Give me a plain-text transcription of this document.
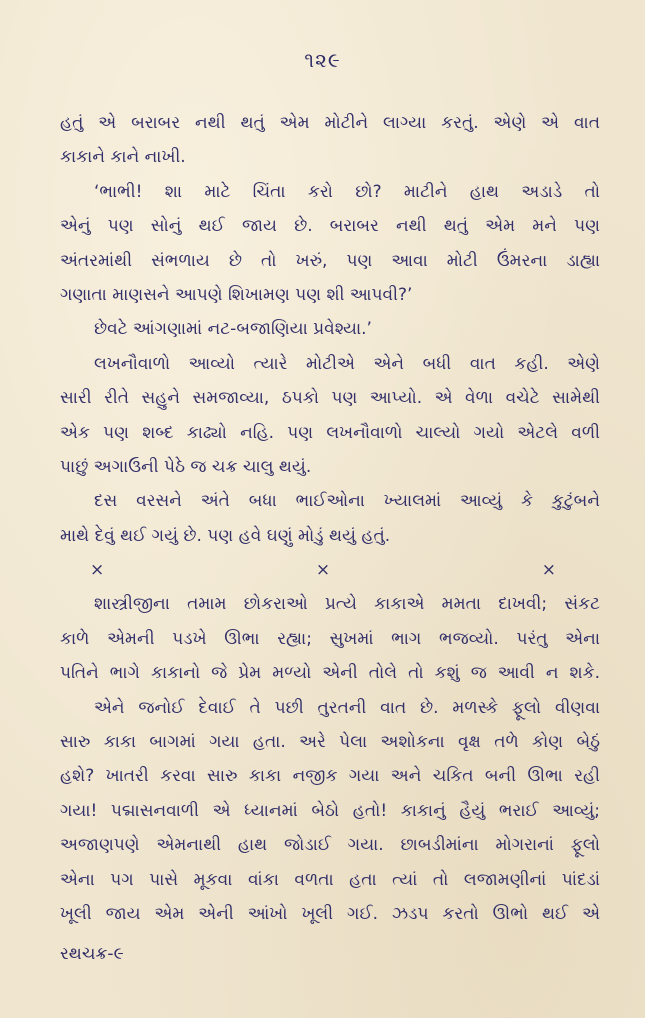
૧૨૯
હતું એ બરાબર નથી થતું એમ મોટીને લાગ્યા કરતું. એણે એ વાત
કાકાને કાને નાખી.
‘ભાભી! શા માટે ચિંતા કરો છો? માટીને હાથ અડાડે તો
એનું પણ સોનું થઈ જાય છે. બરાબર નથી થતું એમ મને પણ
અંતરમાંથી સંભળાય છે તો ખરું, પણ આવા મોટી ઉંમરના ડાહ્યા
ગણાતા માણસને આપણે શિખામણ પણ શી આપવી?’
છેવટે આંગણામાં નટ-બજાણિયા પ્રવેશ્યા.’
લખનૌવાળો આવ્યો ત્યારે મોટીએ એને બધી વાત કહી. એણે
સારી રીતે સહુને સમજાવ્યા, ઠપકો પણ આપ્યો. એ વેળા વચેટે સામેથી
એક પણ શબ્દ કાઢ્યો નહિ. પણ લખનૌવાળો ચાલ્યો ગયો એટલે વળી
પાછું અગાઉની પેઠે જ ચક્ર ચાલુ થયું.
દસ વરસને અંતે બધા ભાઈઓના ખ્યાલમાં આવ્યું કે કુટુંબને
માથે દેવું થઈ ગયું છે. પણ હવે ઘણું મોડું થયું હતું.
×	×	×
શાસ્ત્રીજીના તમામ છોકરાઓ પ્રત્યે કાકાએ મમતા દાખવી; સંકટ
કાળે એમની પડખે ઊભા રહ્યા; સુખમાં ભાગ ભજવ્યો. પરંતુ એના
પતિને ભાગે કાકાનો જે પ્રેમ મળ્યો એની તોલે તો કશું જ આવી ન શકે.
એને જનોઈ દેવાઈ તે પછી તુરતની વાત છે. મળસ્કે ફૂલો વીણવા
સારુ કાકા બાગમાં ગયા હતા. અરે પેલા અશોકના વૃક્ષ તળે કોણ બેઠું
હશે? ખાતરી કરવા સારુ કાકા નજીક ગયા અને ચકિત બની ઊભા રહી
ગયા! પદ્માસનવાળી એ ધ્યાનમાં બેઠો હતો! કાકાનું હૈયું ભરાઈ આવ્યું;
અજાણપણે એમનાથી હાથ જોડાઈ ગયા. છાબડીમાંના મોગરાનાં ફૂલો
એના પગ પાસે મૂકવા વાંકા વળતા હતા ત્યાં તો લજામણીનાં પાંદડાં
ખૂલી જાય એમ એની આંખો ખૂલી ગઈ. ઝડપ કરતો ઊભો થઈ એ
રથચક્ર-૯
